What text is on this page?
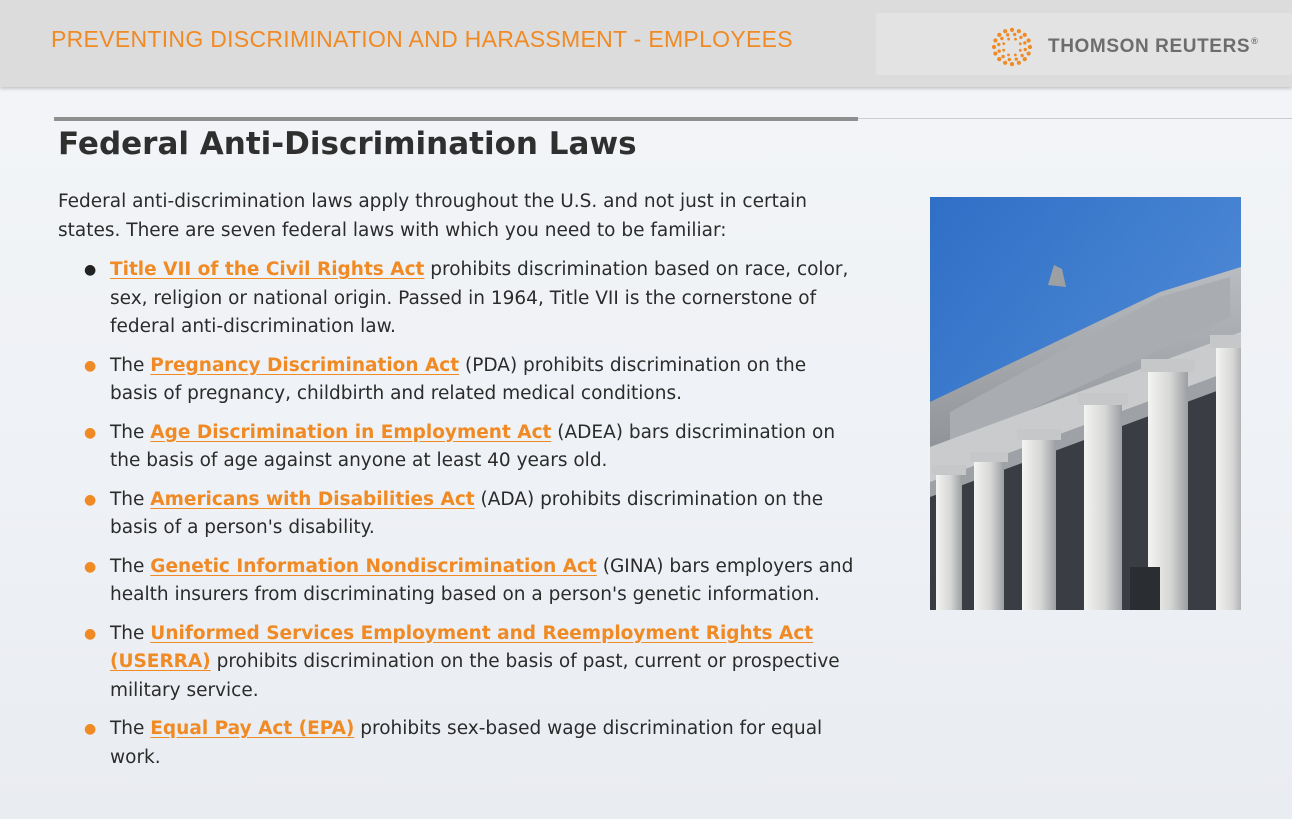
PREVENTING DISCRIMINATION AND HARASSMENT - EMPLOYEES	THOMSON REUTERS®
Federal Anti-Discrimination Laws

Federal anti-discrimination laws apply throughout the U.S. and not just in certain states. There are seven federal laws with which you need to be familiar:

● Title VII of the Civil Rights Act prohibits discrimination based on race, color, sex, religion or national origin. Passed in 1964, Title VII is the cornerstone of federal anti-discrimination law.
● The Pregnancy Discrimination Act (PDA) prohibits discrimination on the basis of pregnancy, childbirth and related medical conditions.
● The Age Discrimination in Employment Act (ADEA) bars discrimination on the basis of age against anyone at least 40 years old.
● The Americans with Disabilities Act (ADA) prohibits discrimination on the basis of a person's disability.
● The Genetic Information Nondiscrimination Act (GINA) bars employers and health insurers from discriminating based on a person's genetic information.
● The Uniformed Services Employment and Reemployment Rights Act (USERRA) prohibits discrimination on the basis of past, current or prospective military service.
● The Equal Pay Act (EPA) prohibits sex-based wage discrimination for equal work.
